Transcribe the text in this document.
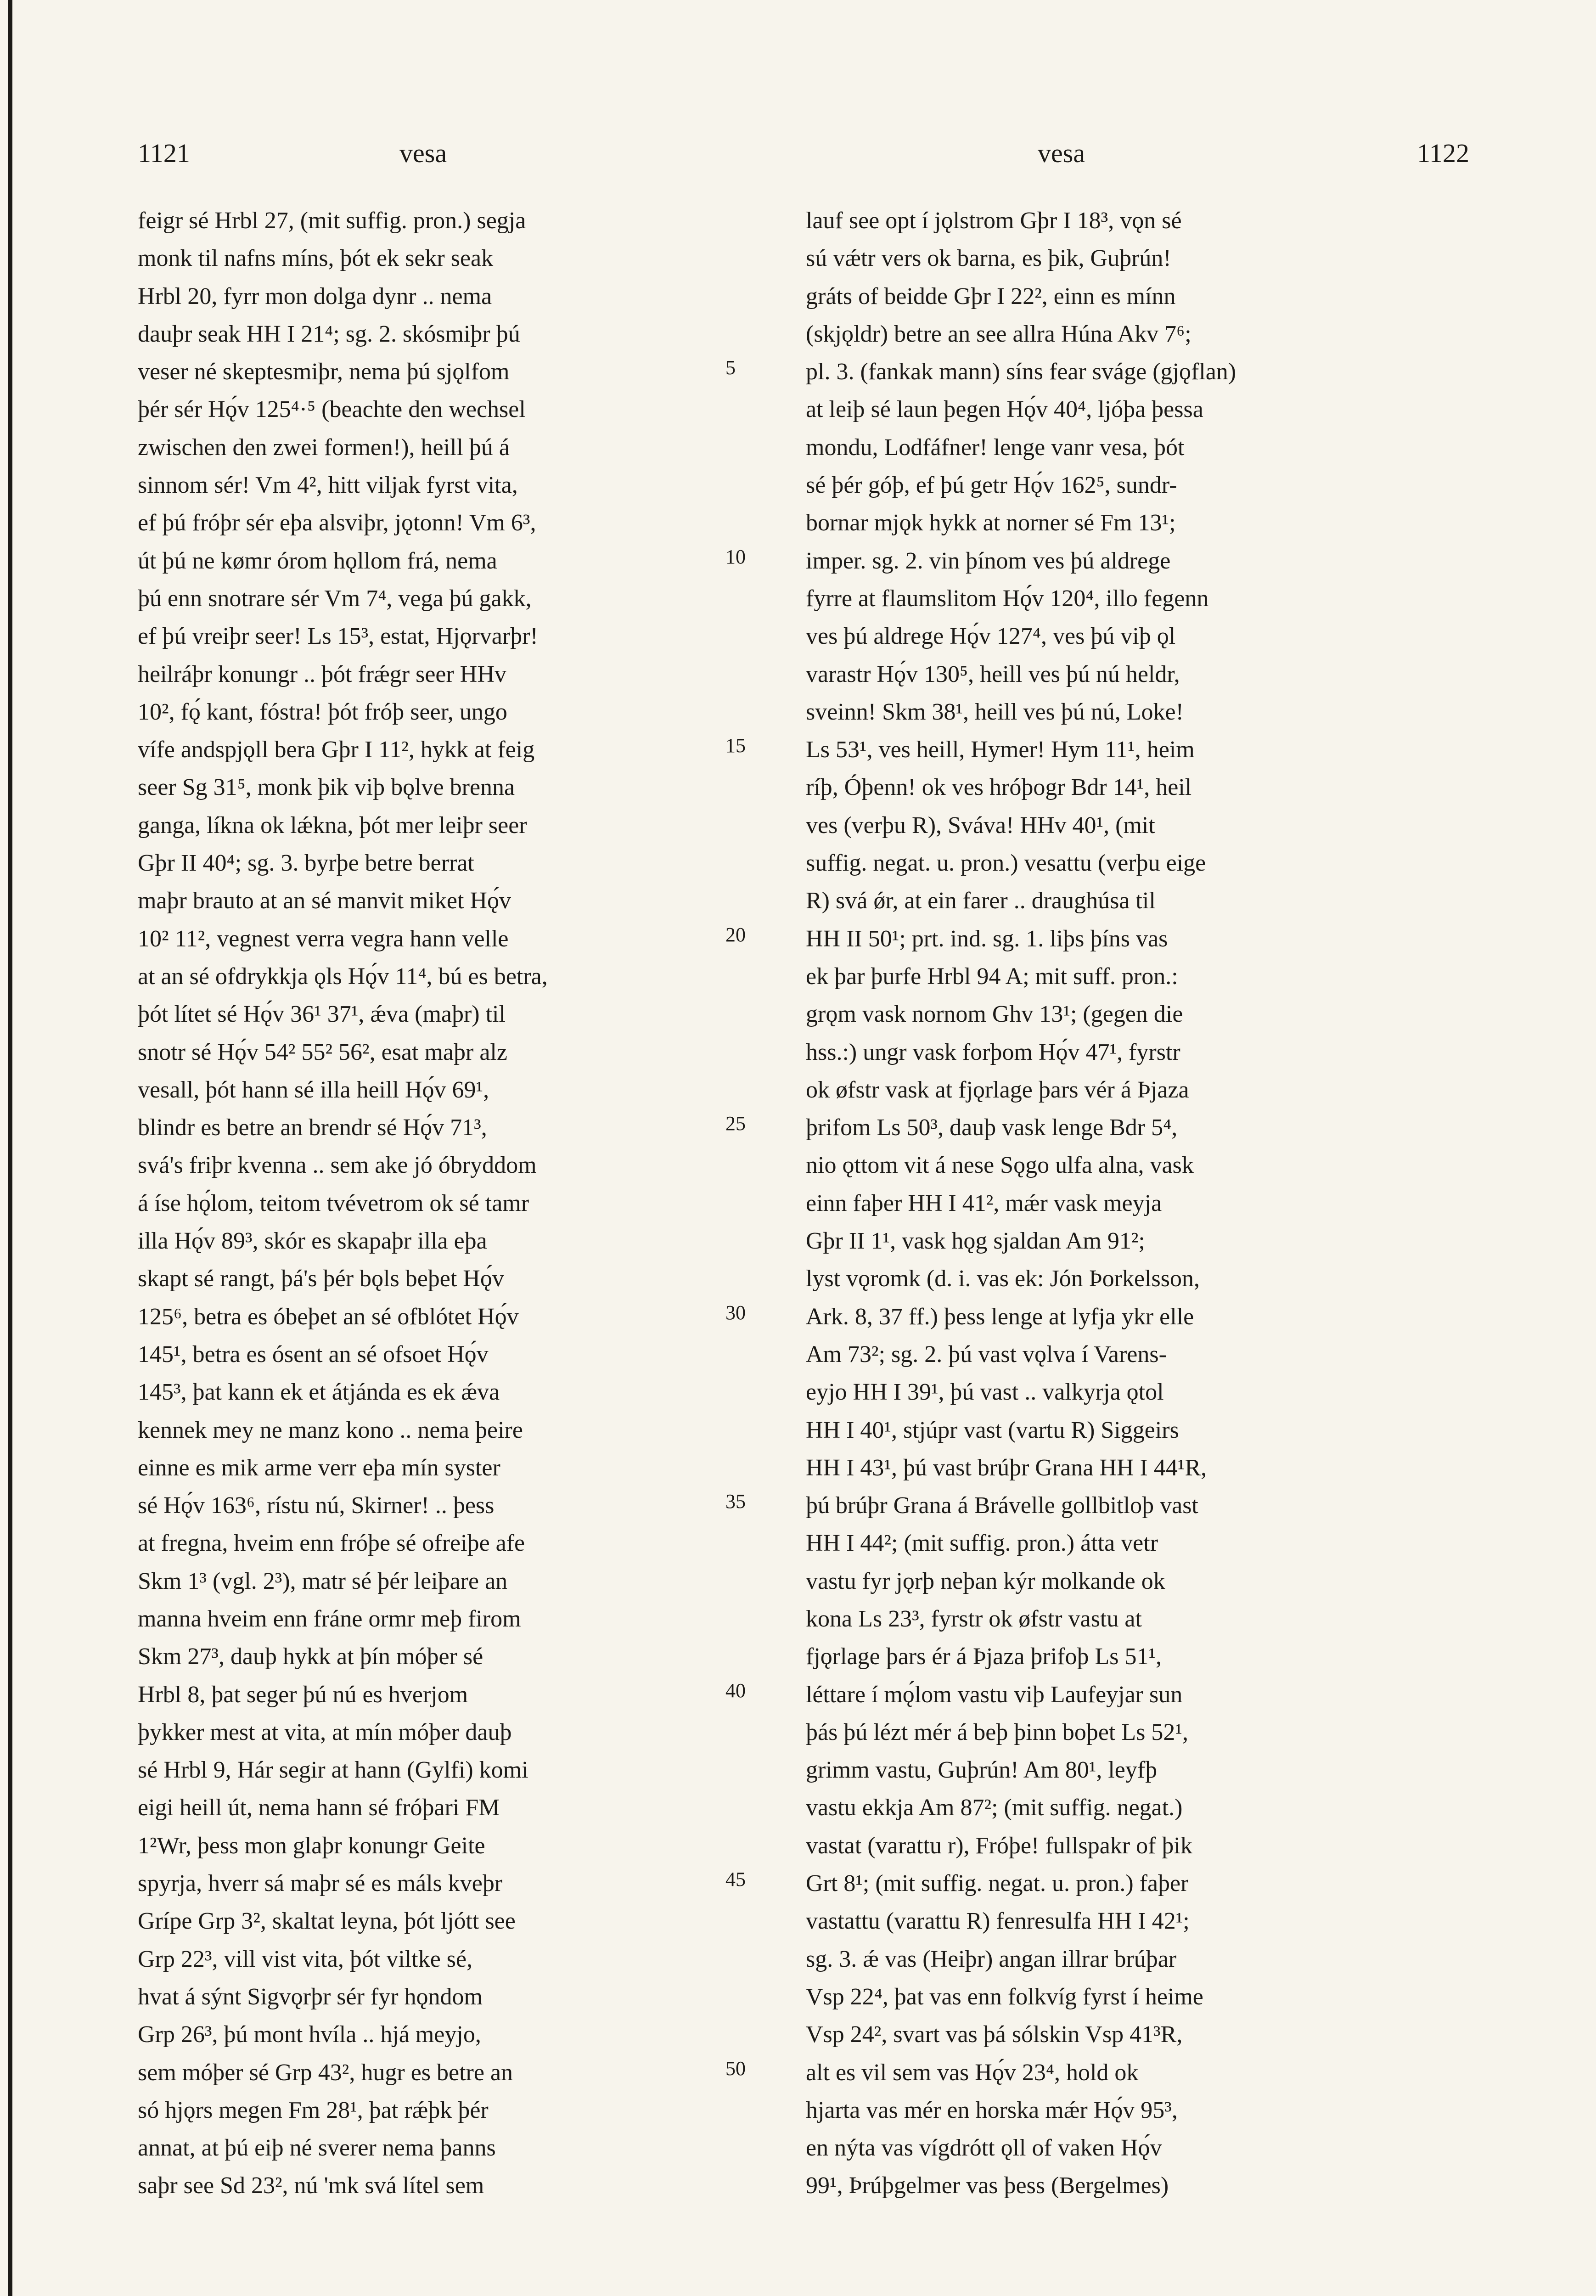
1121	vesa	vesa	1122
feigr sé Hrbl 27, (mit suffig. pron.) segja
monk til nafns míns, þót ek sekr seak
Hrbl 20, fyrr mon dolga dynr .. nema
dauþr seak HH I 21⁴; sg. 2. skósmiþr þú
veser né skeptesmiþr, nema þú sjǫlfom
þér sér Hǫ́v 125⁴·⁵ (beachte den wechsel
zwischen den zwei formen!), heill þú á
sinnom sér! Vm 4², hitt viljak fyrst vita,
ef þú fróþr sér eþa alsviþr, jǫtonn! Vm 6³,
út þú ne kømr órom hǫllom frá, nema
þú enn snotrare sér Vm 7⁴, vega þú gakk,
ef þú vreiþr seer! Ls 15³, estat, Hjǫrvarþr!
heilráþr konungr .. þót frǽgr seer HHv
10², fǫ́ kant, fóstra! þót fróþ seer, ungo
vífe andspjǫll bera Gþr I 11², hykk at feig
seer Sg 31⁵, monk þik viþ bǫlve brenna
ganga, líkna ok lǽkna, þót mer leiþr seer
Gþr II 40⁴; sg. 3. byrþe betre berrat
maþr brauto at an sé manvit miket Hǫ́v
10² 11², vegnest verra vegra hann velle
at an sé ofdrykkja ǫls Hǫ́v 11⁴, bú es betra,
þót lítet sé Hǫ́v 36¹ 37¹, ǽva (maþr) til
snotr sé Hǫ́v 54² 55² 56², esat maþr alz
vesall, þót hann sé illa heill Hǫ́v 69¹,
blindr es betre an brendr sé Hǫ́v 71³,
svá's friþr kvenna .. sem ake jó óbryddom
á íse hǫ́lom, teitom tvévetrom ok sé tamr
illa Hǫ́v 89³, skór es skapaþr illa eþa
skapt sé rangt, þá's þér bǫls beþet Hǫ́v
125⁶, betra es óbeþet an sé ofblótet Hǫ́v
145¹, betra es ósent an sé ofsoet Hǫ́v
145³, þat kann ek et átjánda es ek ǽva
kennek mey ne manz kono .. nema þeire
einne es mik arme verr eþa mín syster
sé Hǫ́v 163⁶, rístu nú, Skirner! .. þess
at fregna, hveim enn fróþe sé ofreiþe afe
Skm 1³ (vgl. 2³), matr sé þér leiþare an
manna hveim enn fráne ormr meþ firom
Skm 27³, dauþ hykk at þín móþer sé
Hrbl 8, þat seger þú nú es hverjom
þykker mest at vita, at mín móþer dauþ
sé Hrbl 9, Hár segir at hann (Gylfi) komi
eigi heill út, nema hann sé fróþari FM
1²Wr, þess mon glaþr konungr Geite
spyrja, hverr sá maþr sé es máls kveþr
Grípe Grp 3², skaltat leyna, þót ljótt see
Grp 22³, vill vist vita, þót viltke sé,
hvat á sýnt Sigvǫrþr sér fyr hǫndom
Grp 26³, þú mont hvíla .. hjá meyjo,
sem móþer sé Grp 43², hugr es betre an
só hjǫrs megen Fm 28¹, þat rǽþk þér
annat, at þú eiþ né sverer nema þanns
saþr see Sd 23², nú 'mk svá lítel sem
5
10
15
20
25
30
35
40
45
50
lauf see opt í jǫlstrom Gþr I 18³, vǫn sé
sú vǽtr vers ok barna, es þik, Guþrún!
gráts of beidde Gþr I 22², einn es mínn
(skjǫldr) betre an see allra Húna Akv 7⁶;
pl. 3. (fankak mann) síns fear sváge (gjǫflan)
at leiþ sé laun þegen Hǫ́v 40⁴, ljóþa þessa
mondu, Lodfáfner! lenge vanr vesa, þót
sé þér góþ, ef þú getr Hǫ́v 162⁵, sundr-
bornar mjǫk hykk at norner sé Fm 13¹;
imper. sg. 2. vin þínom ves þú aldrege
fyrre at flaumslitom Hǫ́v 120⁴, illo fegenn
ves þú aldrege Hǫ́v 127⁴, ves þú viþ ǫl
varastr Hǫ́v 130⁵, heill ves þú nú heldr,
sveinn! Skm 38¹, heill ves þú nú, Loke!
Ls 53¹, ves heill, Hymer! Hym 11¹, heim
ríþ, Óþenn! ok ves hróþogr Bdr 14¹, heil
ves (verþu R), Sváva! HHv 40¹, (mit
suffig. negat. u. pron.) vesattu (verþu eige
R) svá ǿr, at ein farer .. draughúsa til
HH II 50¹; prt. ind. sg. 1. liþs þíns vas
ek þar þurfe Hrbl 94 A; mit suff. pron.:
grǫm vask nornom Ghv 13¹; (gegen die
hss.:) ungr vask forþom Hǫ́v 47¹, fyrstr
ok øfstr vask at fjǫrlage þars vér á Þjaza
þrifom Ls 50³, dauþ vask lenge Bdr 5⁴,
nio ǫttom vit á nese Sǫgo ulfa alna, vask
einn faþer HH I 41², mǽr vask meyja
Gþr II 1¹, vask hǫg sjaldan Am 91²;
lyst vǫromk (d. i. vas ek: Jón Þorkelsson,
Ark. 8, 37 ff.) þess lenge at lyfja ykr elle
Am 73²; sg. 2. þú vast vǫlva í Varens-
eyjo HH I 39¹, þú vast .. valkyrja ǫtol
HH I 40¹, stjúpr vast (vartu R) Siggeirs
HH I 43¹, þú vast brúþr Grana HH I 44¹R,
þú brúþr Grana á Brávelle gollbitloþ vast
HH I 44²; (mit suffig. pron.) átta vetr
vastu fyr jǫrþ neþan kýr molkande ok
kona Ls 23³, fyrstr ok øfstr vastu at
fjǫrlage þars ér á Þjaza þrifoþ Ls 51¹,
léttare í mǫ́lom vastu viþ Laufeyjar sun
þás þú lézt mér á beþ þinn boþet Ls 52¹,
grimm vastu, Guþrún! Am 80¹, leyfþ
vastu ekkja Am 87²; (mit suffig. negat.)
vastat (varattu r), Fróþe! fullspakr of þik
Grt 8¹; (mit suffig. negat. u. pron.) faþer
vastattu (varattu R) fenresulfa HH I 42¹;
sg. 3. ǽ vas (Heiþr) angan illrar brúþar
Vsp 22⁴, þat vas enn folkvíg fyrst í heime
Vsp 24², svart vas þá sólskin Vsp 41³R,
alt es vil sem vas Hǫ́v 23⁴, hold ok
hjarta vas mér en horska mǽr Hǫ́v 95³,
en nýta vas vígdrótt ǫll of vaken Hǫ́v
99¹, Þrúþgelmer vas þess (Bergelmes)
